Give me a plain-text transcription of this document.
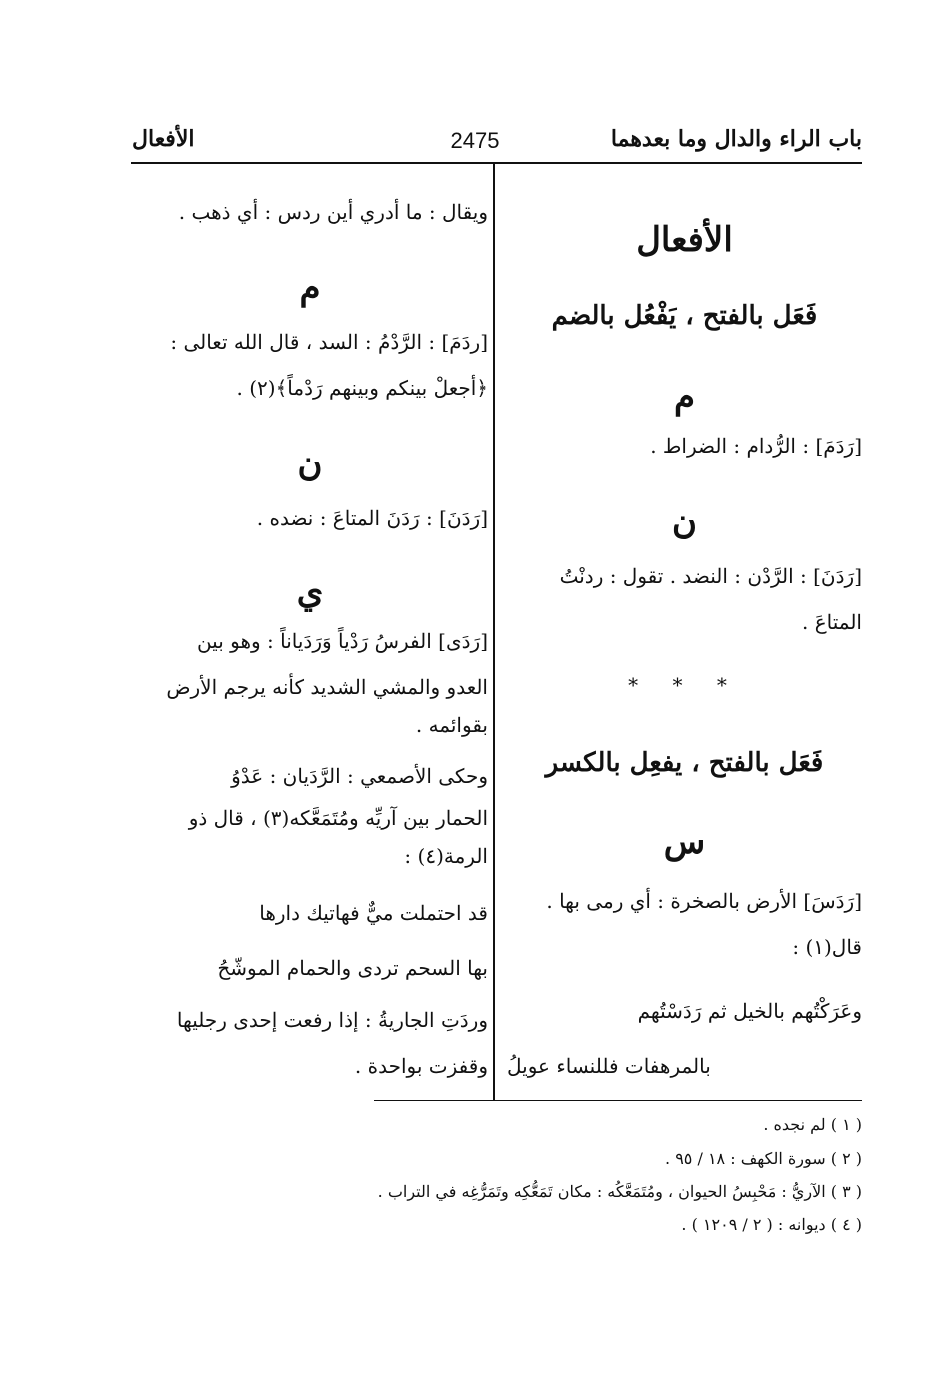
باب الراء والدال وما بعدهما
2475
الأفعال
الأفعال
فَعَل بالفتح ، يَفْعُل بالضم
م
[رَدَمَ] : الرُّدام : الضراط .
ن
[رَدَنَ] : الرَّدْن : النضد . تقول : ردنْتُ
المتاعَ .
* * *
فَعَل بالفتح ، يفعِل بالكسر
س
[رَدَسَ] الأرض بالصخرة : أي رمى بها .
قال(١) :
وعَرَكْتُهم بالخيل ثم رَدَسْتُهم
بالمرهفات فللنساء عويلُ
ويقال : ما أدري أين ردس : أي ذهب .
م
[ردَمَ] : الرَّدْمُ : السد ، قال الله تعالى :
﴿أجعلْ بينكم وبينهم رَدْماً﴾(٢) .
ن
[رَدَنَ] : رَدَنَ المتاعَ : نضده .
ي
[رَدَى] الفرسُ رَدْياً وَرَدَياناً : وهو بين
العدو والمشي الشديد كأنه يرجم الأرض
بقوائمه .
وحكى الأصمعي : الرَّدَيان : عَدْوُ
الحمار بين آريِّه ومُتَمَعَّكه(٣) ، قال ذو
الرمة(٤) :
قد احتملت ميٌّ فهاتيك دارها
بها السحم تردى والحمام الموشّحُ
وردَتِ الجاريةُ : إذا رفعت إحدى رجليها
وقفزت بواحدة .
( ١ ) لم نجده .
( ٢ ) سورة الكهف : ١٨ / ٩٥ .
( ٣ ) الآريُّ : مَحْبِسُ الحيوان ، ومُتَمَعَّكُه : مكان تَمَعُّكِه وتَمَرُّغِه في التراب .
( ٤ ) ديوانه : ( ٢ / ١٢٠٩ ) .
